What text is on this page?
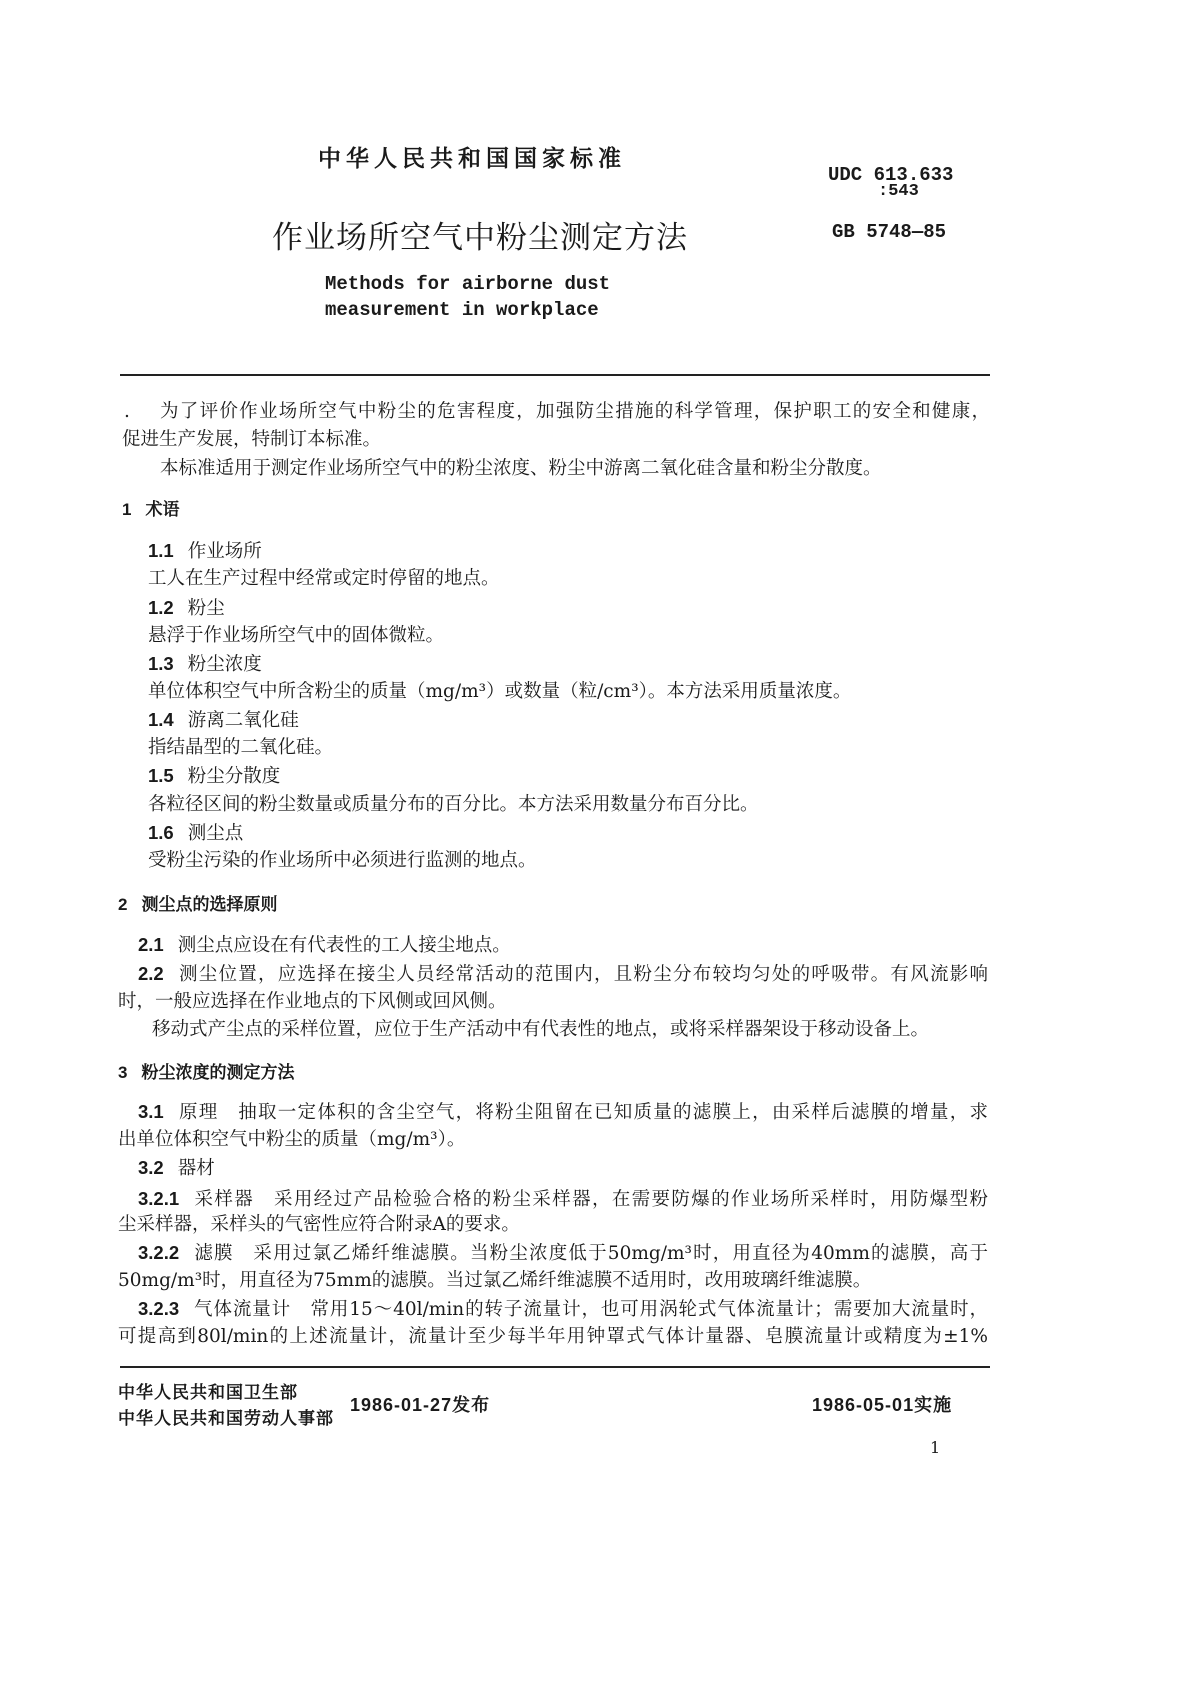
中华人民共和国国家标准
UDC 613.633
:543
作业场所空气中粉尘测定方法	GB 5748—85
Methods for airborne dust
measurement in workplace
. 为了评价作业场所空气中粉尘的危害程度，加强防尘措施的科学管理，保护职工的安全和健康，
促进生产发展，特制订本标准。
本标准适用于测定作业场所空气中的粉尘浓度、粉尘中游离二氧化硅含量和粉尘分散度。
1 术语
1.1 作业场所
工人在生产过程中经常或定时停留的地点。
1.2 粉尘
悬浮于作业场所空气中的固体微粒。
1.3 粉尘浓度
单位体积空气中所含粉尘的质量（mg/m³）或数量（粒/cm³）。本方法采用质量浓度。
1.4 游离二氧化硅
指结晶型的二氧化硅。
1.5 粉尘分散度
各粒径区间的粉尘数量或质量分布的百分比。本方法采用数量分布百分比。
1.6 测尘点
受粉尘污染的作业场所中必须进行监测的地点。
2 测尘点的选择原则
2.1 测尘点应设在有代表性的工人接尘地点。
2.2 测尘位置，应选择在接尘人员经常活动的范围内，且粉尘分布较均匀处的呼吸带。有风流影响
时，一般应选择在作业地点的下风侧或回风侧。
移动式产尘点的采样位置，应位于生产活动中有代表性的地点，或将采样器架设于移动设备上。
3 粉尘浓度的测定方法
3.1 原理　抽取一定体积的含尘空气，将粉尘阻留在已知质量的滤膜上，由采样后滤膜的增量，求
出单位体积空气中粉尘的质量（mg/m³）。
3.2 器材
3.2.1 采样器　采用经过产品检验合格的粉尘采样器，在需要防爆的作业场所采样时，用防爆型粉
尘采样器，采样头的气密性应符合附录A的要求。
3.2.2 滤膜　采用过氯乙烯纤维滤膜。当粉尘浓度低于50mg/m³时，用直径为40mm的滤膜，高于
50mg/m³时，用直径为75mm的滤膜。当过氯乙烯纤维滤膜不适用时，改用玻璃纤维滤膜。
3.2.3 气体流量计　常用15～40l/min的转子流量计，也可用涡轮式气体流量计；需要加大流量时，
可提高到80l/min的上述流量计，流量计至少每半年用钟罩式气体计量器、皂膜流量计或精度为±1%
中华人民共和国卫生部
中华人民共和国劳动人事部
1986-01-27发布	1986-05-01实施
1
